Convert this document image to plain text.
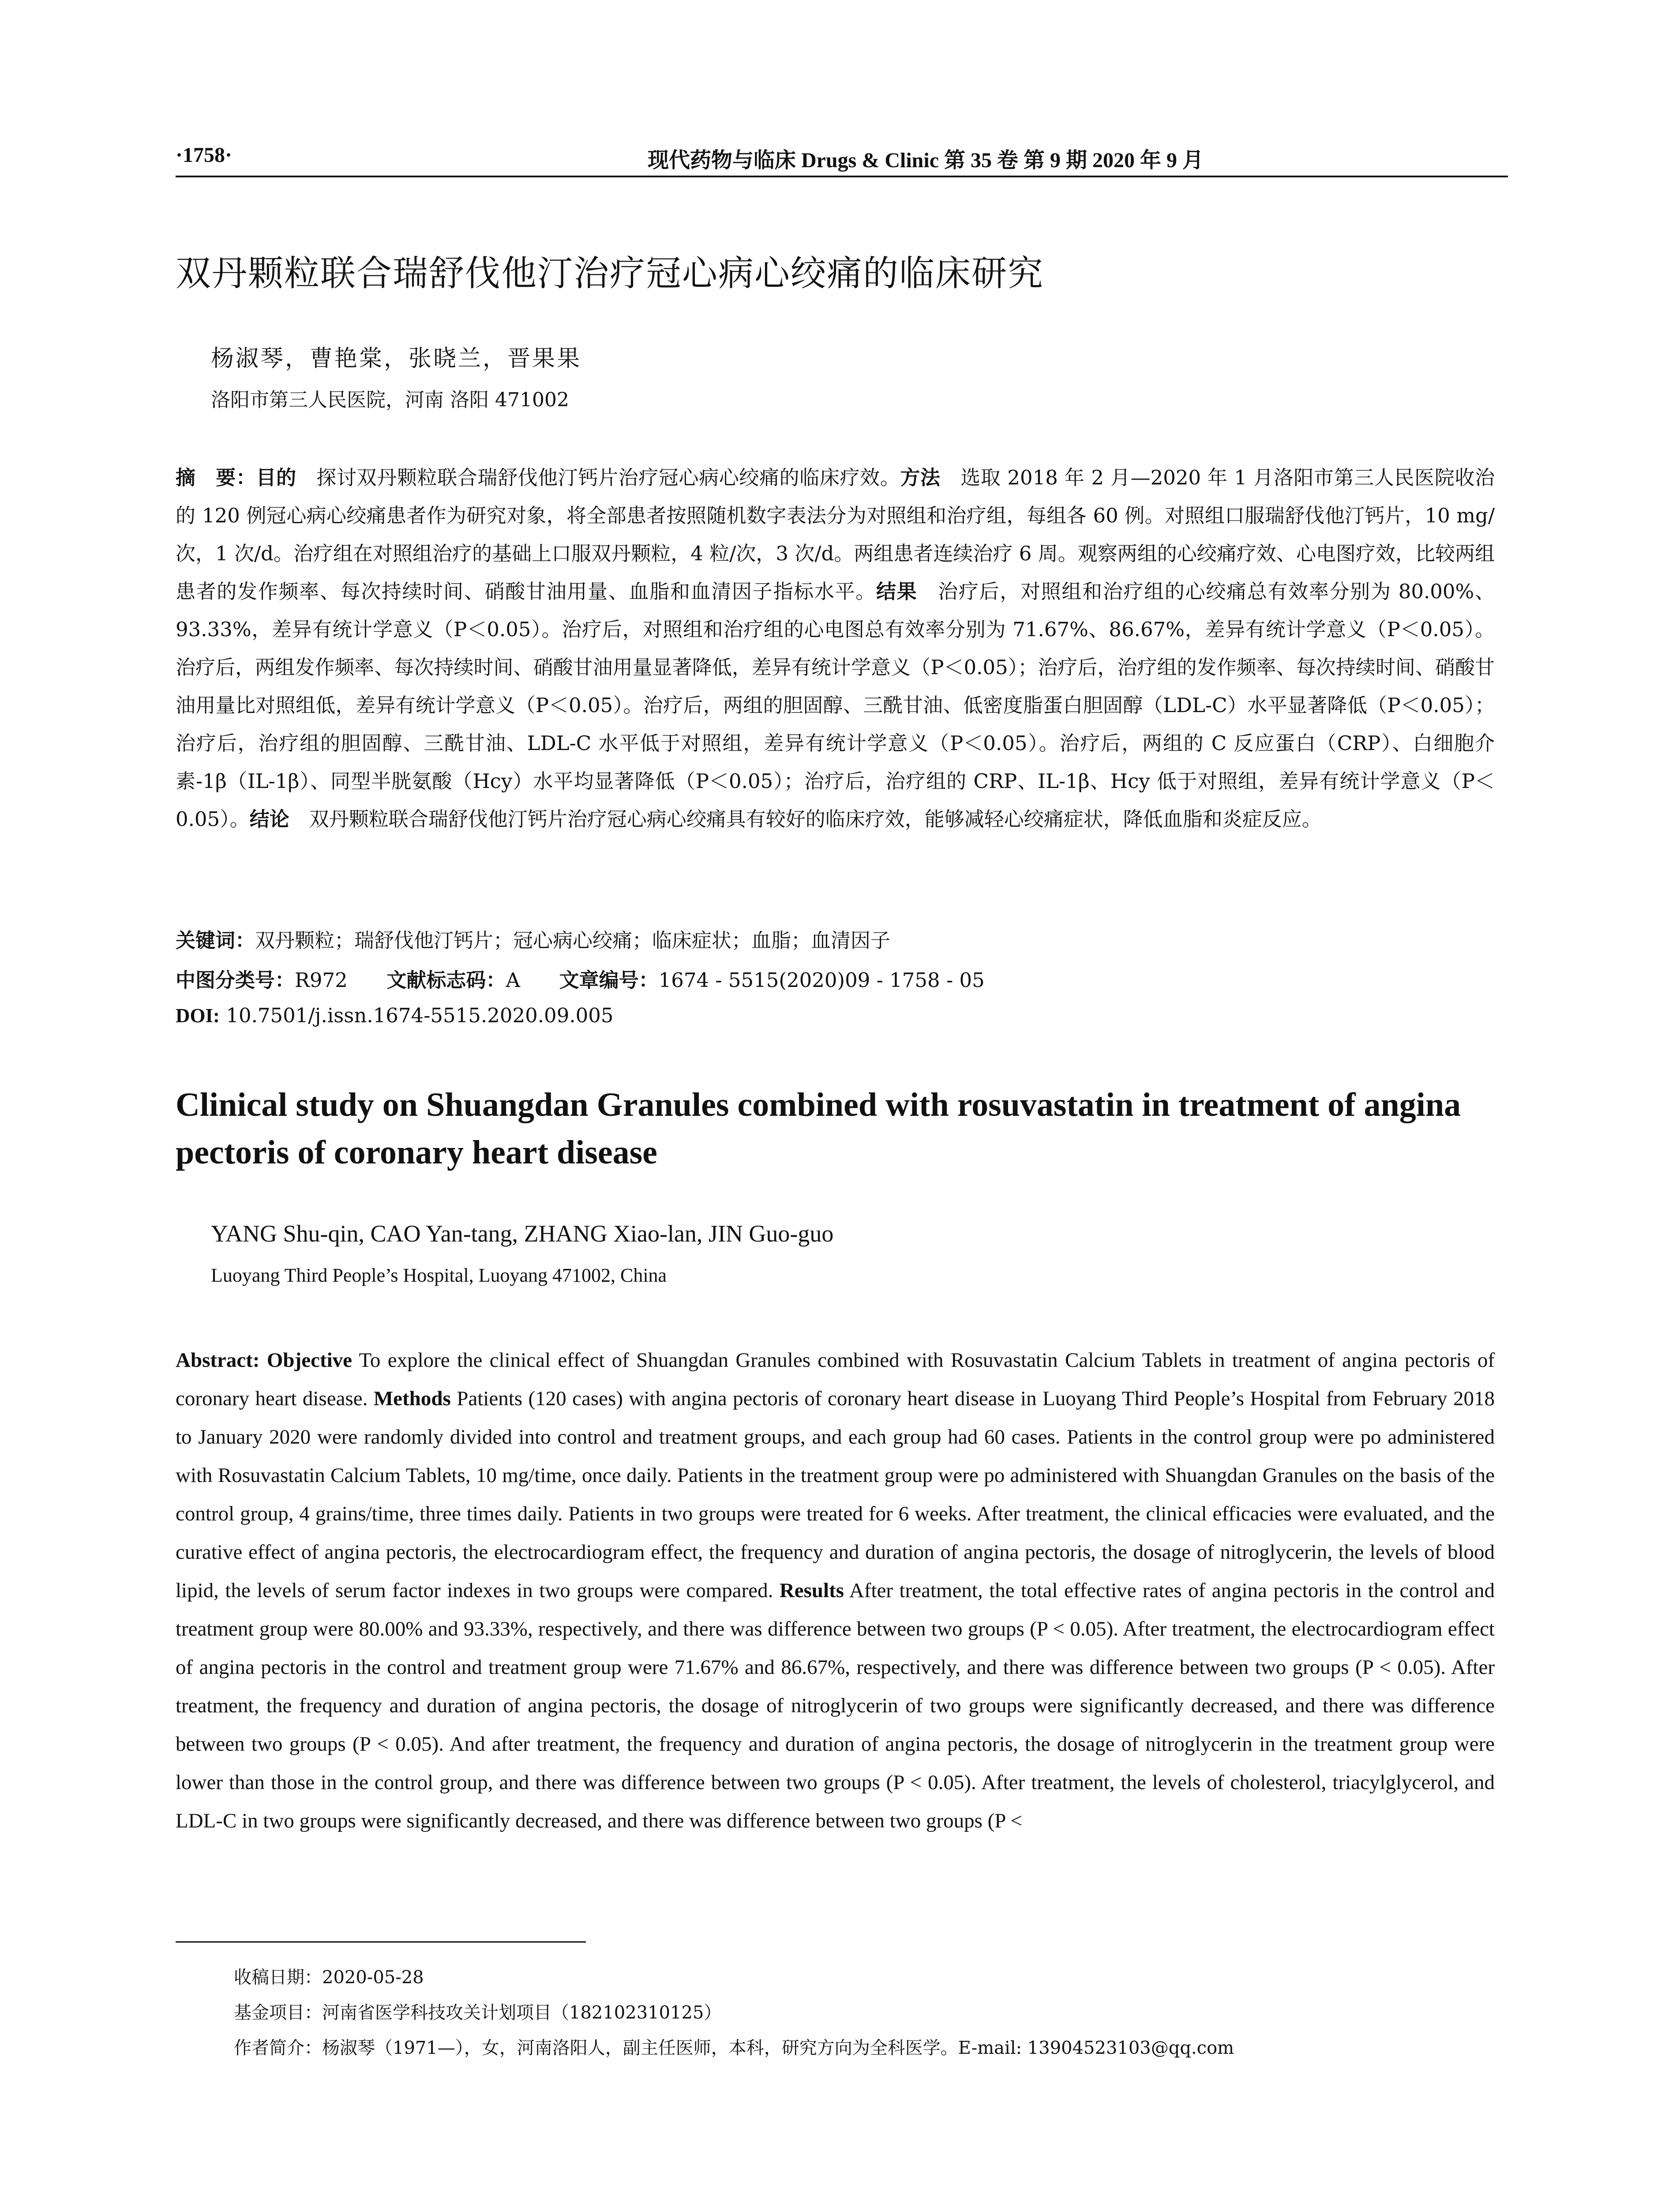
·1758·	现代药物与临床 Drugs & Clinic 第 35 卷 第 9 期 2020 年 9 月
双丹颗粒联合瑞舒伐他汀治疗冠心病心绞痛的临床研究
杨淑琴，曹艳棠，张晓兰，晋果果
洛阳市第三人民医院，河南 洛阳 471002
摘　要：目的　 探讨双丹颗粒联合瑞舒伐他汀钙片治疗冠心病心绞痛的临床疗效。方法　 选取 2018 年 2 月—2020 年 1 月洛阳市第三人民医院收治的 120 例冠心病心绞痛患者作为研究对象，将全部患者按照随机数字表法分为对照组和治疗组，每组各 60 例。对照组口服瑞舒伐他汀钙片，10 mg/次，1 次/d。治疗组在对照组治疗的基础上口服双丹颗粒，4 粒/次，3 次/d。两组患者连续治疗 6 周。观察两组的心绞痛疗效、心电图疗效，比较两组患者的发作频率、每次持续时间、硝酸甘油用量、血脂和血清因子指标水平。结果　 治疗后，对照组和治疗组的心绞痛总有效率分别为 80.00%、93.33%，差异有统计学意义（P＜0.05）。治疗后，对照组和治疗组的心电图总有效率分别为 71.67%、86.67%，差异有统计学意义（P＜0.05）。治疗后，两组发作频率、每次持续时间、硝酸甘油用量显著降低，差异有统计学意义（P＜0.05）；治疗后，治疗组的发作频率、每次持续时间、硝酸甘油用量比对照组低，差异有统计学意义（P＜0.05）。治疗后，两组的胆固醇、三酰甘油、低密度脂蛋白胆固醇（LDL-C）水平显著降低（P＜0.05）；治疗后，治疗组的胆固醇、三酰甘油、LDL-C 水平低于对照组，差异有统计学意义（P＜0.05）。治疗后，两组的 C 反应蛋白（CRP）、白细胞介素-1β（IL-1β）、同型半胱氨酸（Hcy）水平均显著降低（P＜0.05）；治疗后，治疗组的 CRP、IL-1β、Hcy 低于对照组，差异有统计学意义（P＜0.05）。结论　 双丹颗粒联合瑞舒伐他汀钙片治疗冠心病心绞痛具有较好的临床疗效，能够减轻心绞痛症状，降低血脂和炎症反应。
关键词：双丹颗粒；瑞舒伐他汀钙片；冠心病心绞痛；临床症状；血脂；血清因子
中图分类号：R972 文献标志码：A 文章编号：1674 - 5515(2020)09 - 1758 - 05
DOI: 10.7501/j.issn.1674-5515.2020.09.005
Clinical study on Shuangdan Granules combined with rosuvastatin in treatment of angina pectoris of coronary heart disease
YANG Shu-qin, CAO Yan-tang, ZHANG Xiao-lan, JIN Guo-guo
Luoyang Third People’s Hospital, Luoyang 471002, China
Abstract: Objective To explore the clinical effect of Shuangdan Granules combined with Rosuvastatin Calcium Tablets in treatment of angina pectoris of coronary heart disease. Methods Patients (120 cases) with angina pectoris of coronary heart disease in Luoyang Third People’s Hospital from February 2018 to January 2020 were randomly divided into control and treatment groups, and each group had 60 cases. Patients in the control group were po administered with Rosuvastatin Calcium Tablets, 10 mg/time, once daily. Patients in the treatment group were po administered with Shuangdan Granules on the basis of the control group, 4 grains/time, three times daily. Patients in two groups were treated for 6 weeks. After treatment, the clinical efficacies were evaluated, and the curative effect of angina pectoris, the electrocardiogram effect, the frequency and duration of angina pectoris, the dosage of nitroglycerin, the levels of blood lipid, the levels of serum factor indexes in two groups were compared. Results After treatment, the total effective rates of angina pectoris in the control and treatment group were 80.00% and 93.33%, respectively, and there was difference between two groups (P < 0.05). After treatment, the electrocardiogram effect of angina pectoris in the control and treatment group were 71.67% and 86.67%, respectively, and there was difference between two groups (P < 0.05). After treatment, the frequency and duration of angina pectoris, the dosage of nitroglycerin of two groups were significantly decreased, and there was difference between two groups (P < 0.05). And after treatment, the frequency and duration of angina pectoris, the dosage of nitroglycerin in the treatment group were lower than those in the control group, and there was difference between two groups (P < 0.05). After treatment, the levels of cholesterol, triacylglycerol, and LDL-C in two groups were significantly decreased, and there was difference between two groups (P <
收稿日期：2020-05-28
基金项目：河南省医学科技攻关计划项目（182102310125）
作者简介：杨淑琴（1971—），女，河南洛阳人，副主任医师，本科，研究方向为全科医学。E-mail: 13904523103@qq.com
